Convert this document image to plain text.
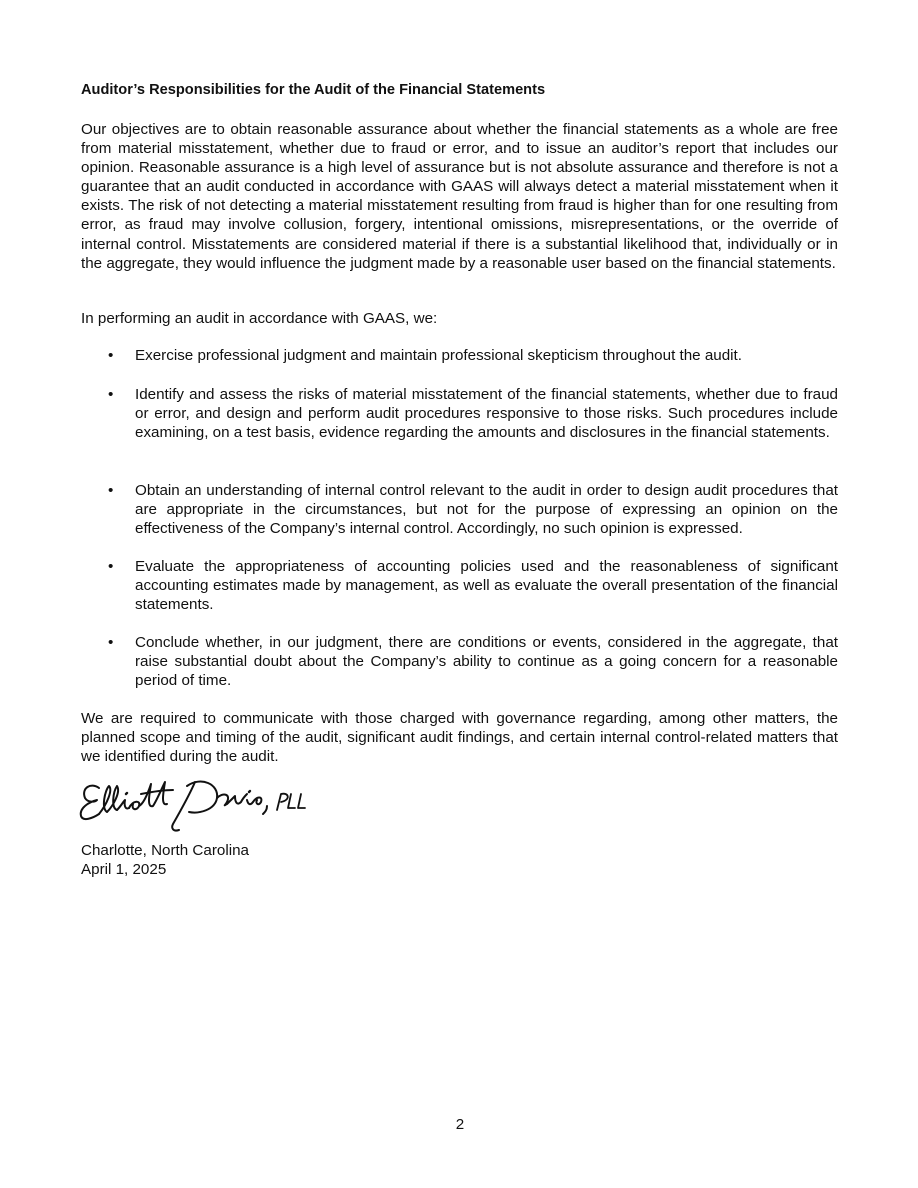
Auditor’s Responsibilities for the Audit of the Financial Statements

Our objectives are to obtain reasonable assurance about whether the financial statements as a whole are free from material misstatement, whether due to fraud or error, and to issue an auditor’s report that includes our opinion. Reasonable assurance is a high level of assurance but is not absolute assurance and therefore is not a guarantee that an audit conducted in accordance with GAAS will always detect a material misstatement when it exists. The risk of not detecting a material misstatement resulting from fraud is higher than for one resulting from error, as fraud may involve collusion, forgery, intentional omissions, misrepresentations, or the override of internal control. Misstatements are considered material if there is a substantial likelihood that, individually or in the aggregate, they would influence the judgment made by a reasonable user based on the financial statements.

In performing an audit in accordance with GAAS, we:

• Exercise professional judgment and maintain professional skepticism throughout the audit.

• Identify and assess the risks of material misstatement of the financial statements, whether due to fraud or error, and design and perform audit procedures responsive to those risks. Such procedures include examining, on a test basis, evidence regarding the amounts and disclosures in the financial statements.

• Obtain an understanding of internal control relevant to the audit in order to design audit procedures that are appropriate in the circumstances, but not for the purpose of expressing an opinion on the effectiveness of the Company’s internal control. Accordingly, no such opinion is expressed.

• Evaluate the appropriateness of accounting policies used and the reasonableness of significant accounting estimates made by management, as well as evaluate the overall presentation of the financial statements.

• Conclude whether, in our judgment, there are conditions or events, considered in the aggregate, that raise substantial doubt about the Company’s ability to continue as a going concern for a reasonable period of time.

We are required to communicate with those charged with governance regarding, among other matters, the planned scope and timing of the audit, significant audit findings, and certain internal control-related matters that we identified during the audit.

Charlotte, North Carolina
April 1, 2025
2
